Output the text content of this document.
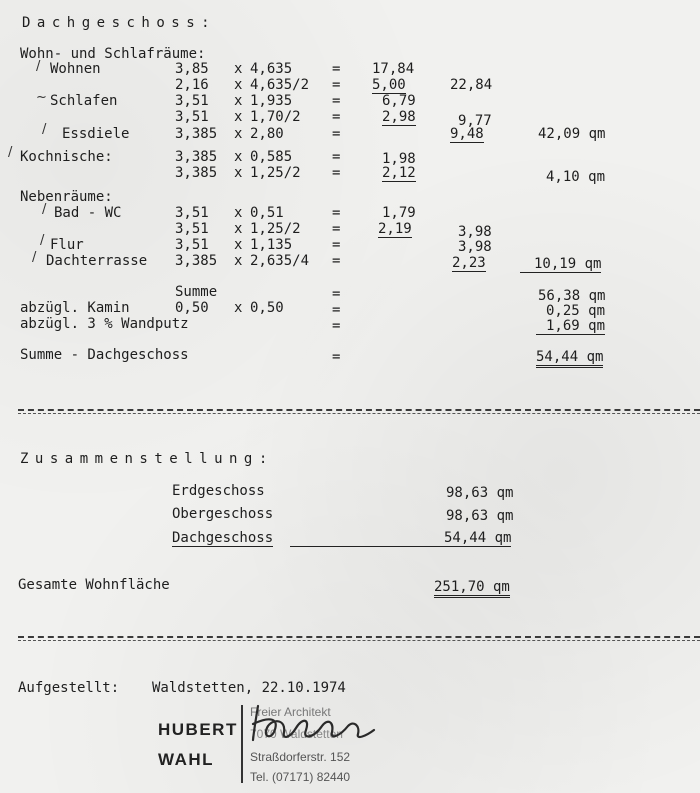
Dachgeschoss:
Wohn- und Schlafräume:
/ Wohnen	3,85 x 4,635	= 17,84
2,16 x 4,635/2 = 5,00	22,84
~ Schlafen	3,51 x 1,935	=	6,79
3,51 x 1,70/2 =	2,98	9,77
/ Essdiele	3,385 x 2,80	=	9,48	42,09 qm
/ Kochnische:	3,385 x 0,585	=	1,98
3,385 x 1,25/2 =	2,12	4,10 qm
Nebenräume:
/ Bad - WC	3,51 x 0,51	=	1,79
3,51 x 1,25/2 =	2,19	3,98
/ Flur	3,51 x 1,135	=	3,98
/ Dachterrasse 3,385 x 2,635/4 =	2,23	10,19 qm
Summe	=	56,38 qm
abzügl. Kamin	0,50 x 0,50	=	0,25 qm
abzügl. 3 % Wandputz	=	1,69 qm
Summe - Dachgeschoss	=	54,44 qm
Zusammenstellung:
Erdgeschoss	98,63 qm
Obergeschoss	98,63 qm
Dachgeschoss	54,44 qm
Gesamte Wohnfläche	251,70 qm
Aufgestellt: Waldstetten, 22.10.1974
HUBERT
WAHL
Freier Architekt
7070 Waldstetten
Straßdorferstr. 152
Tel. (07171) 82440
